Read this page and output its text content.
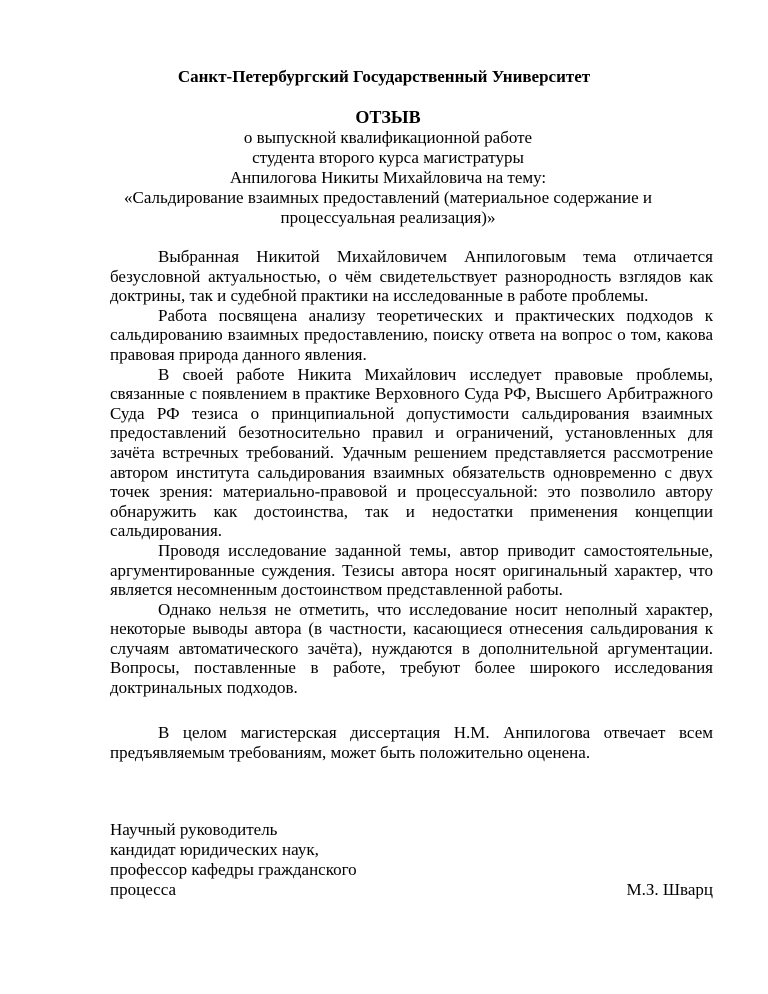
Санкт-Петербургский Государственный Университет
ОТЗЫВ
о выпускной квалификационной работе
студента второго курса магистратуры
Анпилогова Никиты Михайловича на тему:
«Сальдирование взаимных предоставлений (материальное содержание и процессуальная реализация)»

Выбранная Никитой Михайловичем Анпилоговым тема отличается безусловной актуальностью, о чём свидетельствует разнородность взглядов как доктрины, так и судебной практики на исследованные в работе проблемы.

Работа посвящена анализу теоретических и практических подходов к сальдированию взаимных предоставлению, поиску ответа на вопрос о том, какова правовая природа данного явления.

В своей работе Никита Михайлович исследует правовые проблемы, связанные с появлением в практике Верховного Суда РФ, Высшего Арбитражного Суда РФ тезиса о принципиальной допустимости сальдирования взаимных предоставлений безотносительно правил и ограничений, установленных для зачёта встречных требований. Удачным решением представляется рассмотрение автором института сальдирования взаимных обязательств одновременно с двух точек зрения: материально-правовой и процессуальной: это позволило автору обнаружить как достоинства, так и недостатки применения концепции сальдирования.

Проводя исследование заданной темы, автор приводит самостоятельные, аргументированные суждения. Тезисы автора носят оригинальный характер, что является несомненным достоинством представленной работы.

Однако нельзя не отметить, что исследование носит неполный характер, некоторые выводы автора (в частности, касающиеся отнесения сальдирования к случаям автоматического зачёта), нуждаются в дополнительной аргументации. Вопросы, поставленные в работе, требуют более широкого исследования доктринальных подходов.

В целом магистерская диссертация Н.М. Анпилогова отвечает всем предъявляемым требованиям, может быть положительно оценена.

Научный руководитель
кандидат юридических наук,
профессор кафедры гражданского
процесса	М.З. Шварц
